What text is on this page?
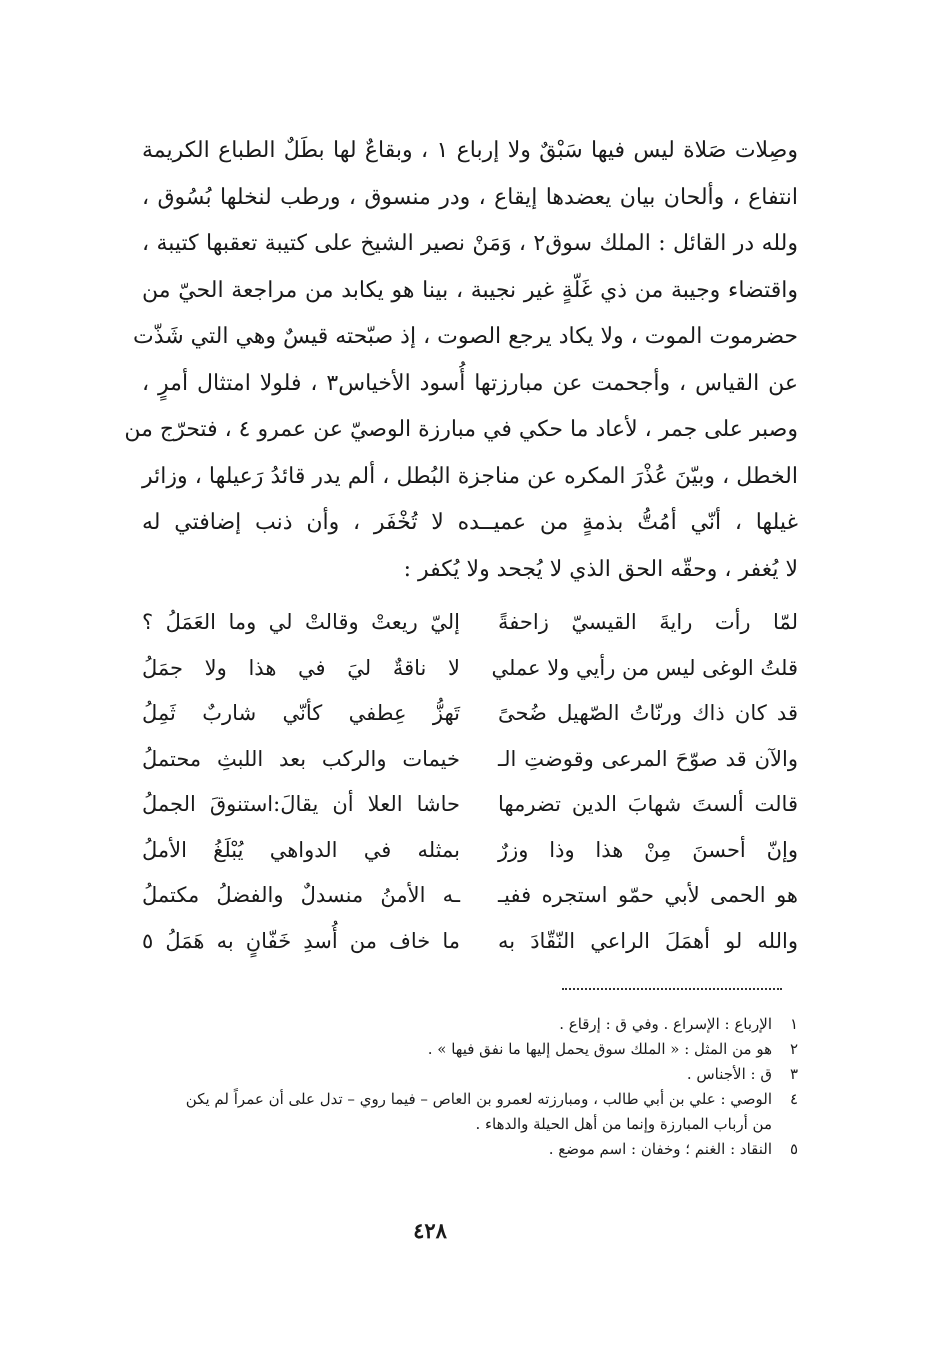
وصِلات صَلاة ليس فيها سَبْقٌ ولا إرباع ١ ، وبقاعٌ لها بطَلٌ الطباع الكريمة
انتفاع ، وألحان بيان يعضدها إيقاع ، ودر منسوق ، ورطب لنخلها بُسُوق ،
ولله در القائل : الملك سوق٢ ، وَمَنْ نصير الشيخ على كتيبة تعقبها كتيبة ،
واقتضاء وجيبة من ذي غَلّةٍ غير نجيبة ، بينا هو يكابد من مراجعة الحيّ من
حضرموت الموت ، ولا يكاد يرجع الصوت ، إذ صبّحته قيسٌ وهي التي شَذّت
عن القياس ، وأجحمت عن مبارزتها أُسود الأخياس٣ ، فلولا امتثال أمرٍ ،
وصبر على جمر ، لأعاد ما حكي في مبارزة الوصيّ عن عمرو ٤ ، فتحرّج من
الخطل ، وبيّنَ عُذْرَ المكره عن مناجزة البُطل ، ألم يدر قائدُ رَعيلها ، وزائر
غيلها ، أنّي أمُتُّ بذمةٍ من عميــده لا تُخْفَر ، وأن ذنب إضافتي له
لا يُغفر ، وحقّه الحق الذي لا يُجحد ولا يُكفر :
لمّا رأت رايةَ القيسيّ زاحفةً
إليّ ريعتْ وقالتْ لي وما العَمَلُ ؟
قلتُ الوغى ليس من رأيي ولا عملي
لا ناقةٌ ليَ في هذا ولا جمَلُ
قد كان ذاك ورنّاتُ الصّهيل ضُحىً
تَهزُّ عِطفي كأنّي شاربٌ ثَمِلُ
والآن قد صوّحَ المرعى وقوضتِ الـ
خيمات والركب بعد اللبثِ محتملُ
قالت ألستَ شهابَ الدين تضرمها
حاشا العلا أن يقالَ:استنوقَ الجملُ
وإنّ أحسنَ مِنْ هذا وذا وزرٌ
بمثله في الدواهي يُبْلَغُ الأملُ
هو الحمى لأبي حمّو استجره ففيـ
ـه الأمنُ منسدلٌ والفضلُ مكتملُ
والله لو أهمَلَ الراعي النّقّادَ به
ما خاف من أُسدِ خَفّانٍ به هَمَلُ ٥
١
الإرباع : الإسراع . وفي ق : إرقاع .
٢
هو من المثل : « الملك سوق يحمل إليها ما نفق فيها » .
٣
ق : الأجناس .
٤
الوصي : علي بن أبي طالب ، ومبارزته لعمرو بن العاص – فيما روي – تدل على أن عمراً لم يكن
من أرباب المبارزة وإنما من أهل الحيلة والدهاء .
٥
النقاد : الغنم ؛ وخفان : اسم موضع .
٤٢٨
